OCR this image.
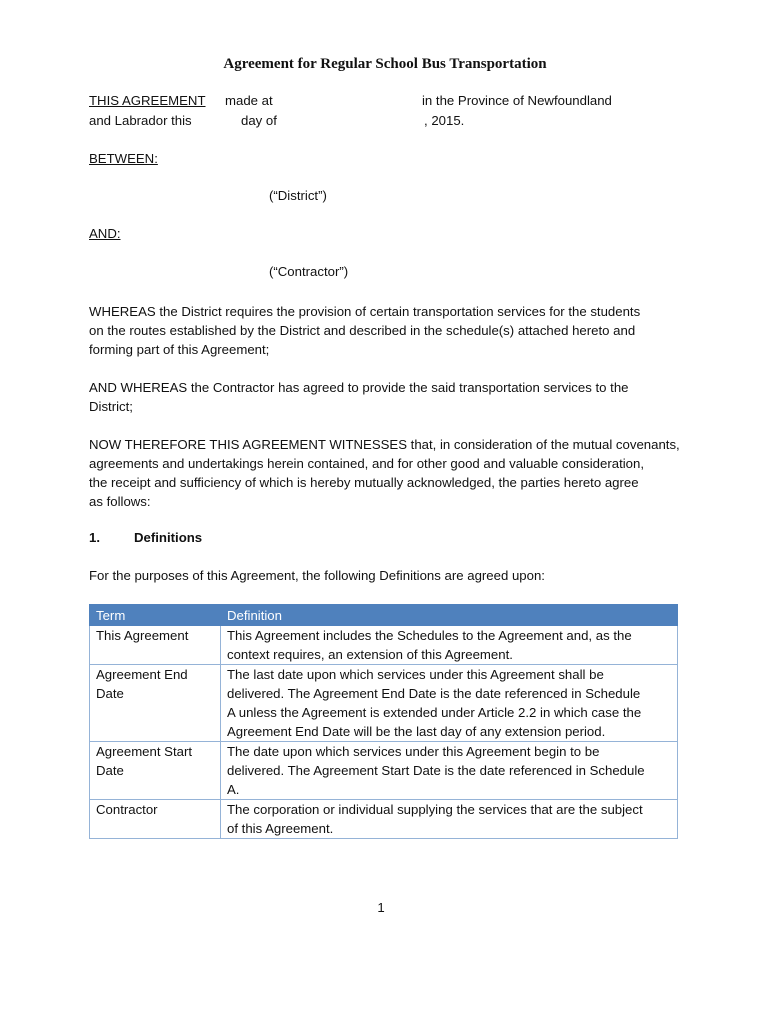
Agreement for Regular School Bus Transportation
THIS AGREEMENT made at	in the Province of Newfoundland
and Labrador this	day of	, 2015.
BETWEEN:
(“District”)
AND:
(“Contractor”)
WHEREAS the District requires the provision of certain transportation services for the students
on the routes established by the District and described in the schedule(s) attached hereto and
forming part of this Agreement;
AND WHEREAS the Contractor has agreed to provide the said transportation services to the
District;
NOW THEREFORE THIS AGREEMENT WITNESSES that, in consideration of the mutual covenants,
agreements and undertakings herein contained, and for other good and valuable consideration,
the receipt and sufficiency of which is hereby mutually acknowledged, the parties hereto agree
as follows:
1.	Definitions
For the purposes of this Agreement, the following Definitions are agreed upon:
Term	Definition

This Agreement	This Agreement includes the Schedules to the Agreement and, as the
context requires, an extension of this Agreement.

Agreement End
Date	The last date upon which services under this Agreement shall be
delivered. The Agreement End Date is the date referenced in Schedule
A unless the Agreement is extended under Article 2.2 in which case the
Agreement End Date will be the last day of any extension period.

Agreement Start
Date	The date upon which services under this Agreement begin to be
delivered. The Agreement Start Date is the date referenced in Schedule
A.

Contractor	The corporation or individual supplying the services that are the subject
of this Agreement.
1
